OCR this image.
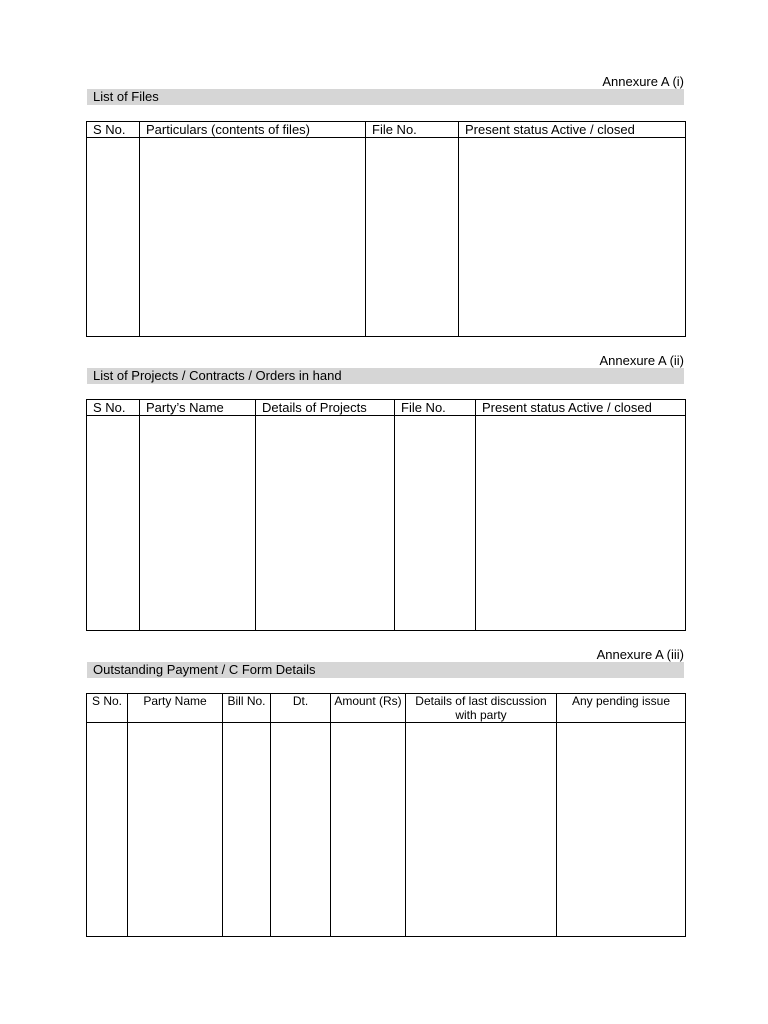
Annexure A (i)
List of Files
S No.	Particulars (contents of files)	File No.	Present status Active / closed

Annexure A (ii)
List of Projects / Contracts / Orders in hand
S No.	Party’s Name	Details of Projects	File No.	Present status Active / closed

Annexure A (iii)
Outstanding Payment / C Form Details
S No.	Party Name	Bill No.	Dt.	Amount (Rs)	Details of last discussion with party	Any pending issue
